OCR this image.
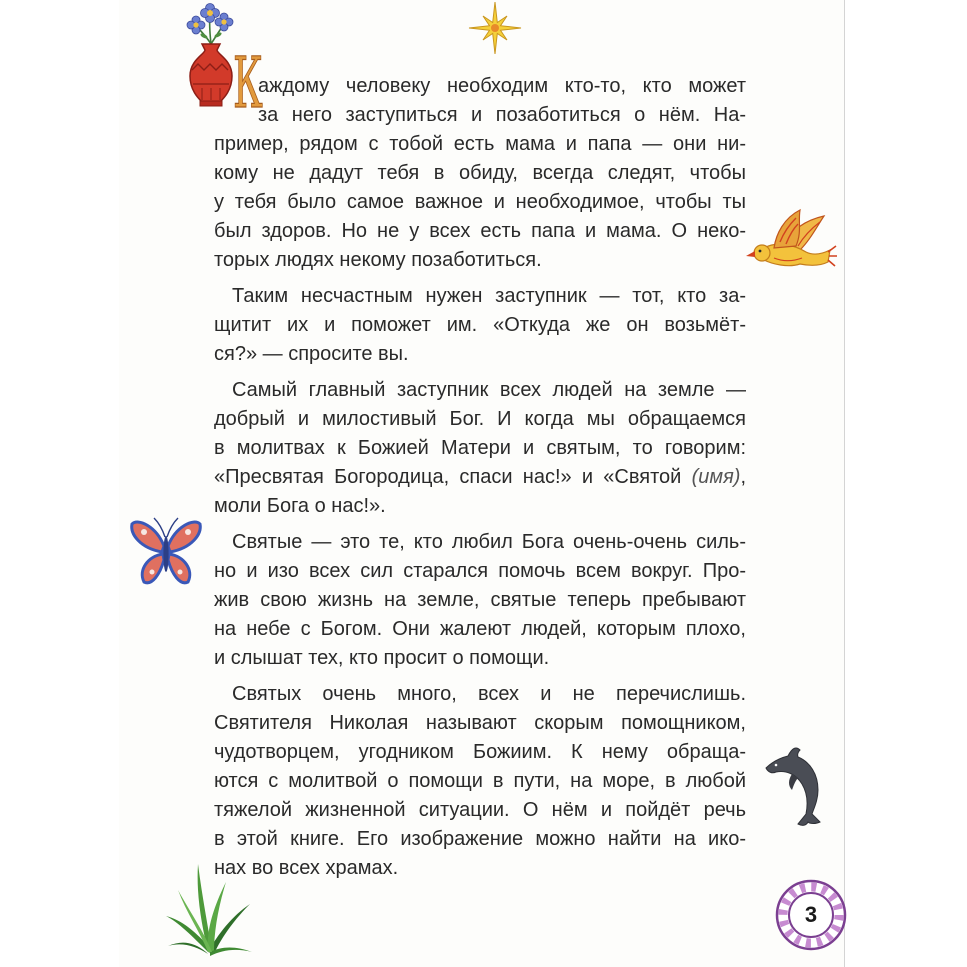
3
К
аждому человеку необходим кто-то, кто может
за него заступиться и позаботиться о нём. На-
пример, рядом с тобой есть мама и папа — они ни-
кому не дадут тебя в обиду, всегда следят, чтобы
у тебя было самое важное и необходимое, чтобы ты
был здоров. Но не у всех есть папа и мама. О неко-
торых людях некому позаботиться.
Таким несчастным нужен заступник — тот, кто за-
щитит их и поможет им. «Откуда же он возьмёт-
ся?» — спросите вы.
Самый главный заступник всех людей на земле —
добрый и милостивый Бог. И когда мы обращаемся
в молитвах к Божией Матери и святым, то говорим:
«Пресвятая Богородица, спаси нас!» и «Святой (имя),
моли Бога о нас!».
Святые — это те, кто любил Бога очень-очень силь-
но и изо всех сил старался помочь всем вокруг. Про-
жив свою жизнь на земле, святые теперь пребывают
на небе с Богом. Они жалеют людей, которым плохо,
и слышат тех, кто просит о помощи.
Святых очень много, всех и не перечислишь.
Святителя Николая называют скорым помощником,
чудотворцем, угодником Божиим. К нему обраща-
ются с молитвой о помощи в пути, на море, в любой
тяжелой жизненной ситуации. О нём и пойдёт речь
в этой книге. Его изображение можно найти на ико-
нах во всех храмах.
